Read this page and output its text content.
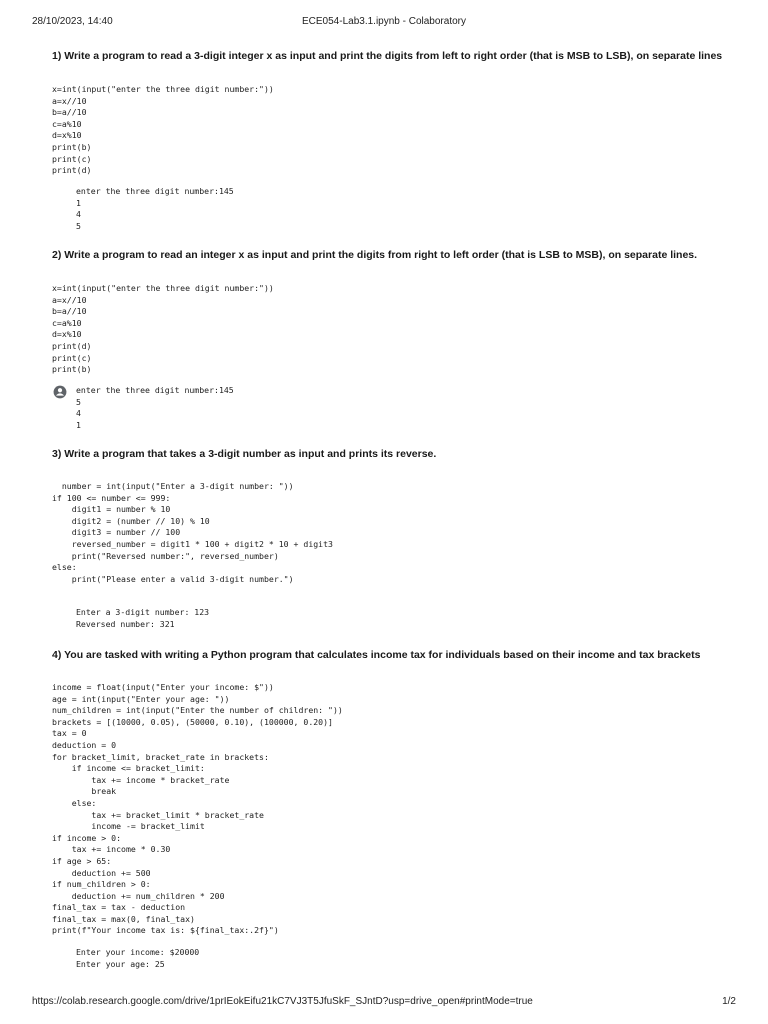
28/10/2023, 14:40	ECE054-Lab3.1.ipynb - Colaboratory
1) Write a program to read a 3-digit integer x as input and print the digits from left to right order (that is MSB to LSB), on separate lines
x=int(input("enter the three digit number:"))
a=x//10
b=a//10
c=a%10
d=x%10
print(b)
print(c)
print(d)
enter the three digit number:145
1
4
5
2) Write a program to read an integer x as input and print the digits from right to left order (that is LSB to MSB), on separate lines.
x=int(input("enter the three digit number:"))
a=x//10
b=a//10
c=a%10
d=x%10
print(d)
print(c)
print(b)
enter the three digit number:145
5
4
1
3) Write a program that takes a 3-digit number as input and prints its reverse.
number = int(input("Enter a 3-digit number: "))
if 100 <= number <= 999:
digit1 = number % 10
digit2 = (number // 10) % 10
digit3 = number // 100
reversed_number = digit1 * 100 + digit2 * 10 + digit3
print("Reversed number:", reversed_number)
else:
print("Please enter a valid 3-digit number.")
Enter a 3-digit number: 123
Reversed number: 321
4) You are tasked with writing a Python program that calculates income tax for individuals based on their income and tax brackets
income = float(input("Enter your income: $"))
age = int(input("Enter your age: "))
num_children = int(input("Enter the number of children: "))
brackets = [(10000, 0.05), (50000, 0.10), (100000, 0.20)]
tax = 0
deduction = 0
for bracket_limit, bracket_rate in brackets:
if income <= bracket_limit:
tax += income * bracket_rate
break
else:
tax += bracket_limit * bracket_rate
income -= bracket_limit
if income > 0:
tax += income * 0.30
if age > 65:
deduction += 500
if num_children > 0:
deduction += num_children * 200
final_tax = tax - deduction
final_tax = max(0, final_tax)
print(f"Your income tax is: ${final_tax:.2f}")
Enter your income: $20000
Enter your age: 25
https://colab.research.google.com/drive/1prIEokEifu21kC7VJ3T5JfuSkF_SJntD?usp=drive_open#printMode=true	1/2
